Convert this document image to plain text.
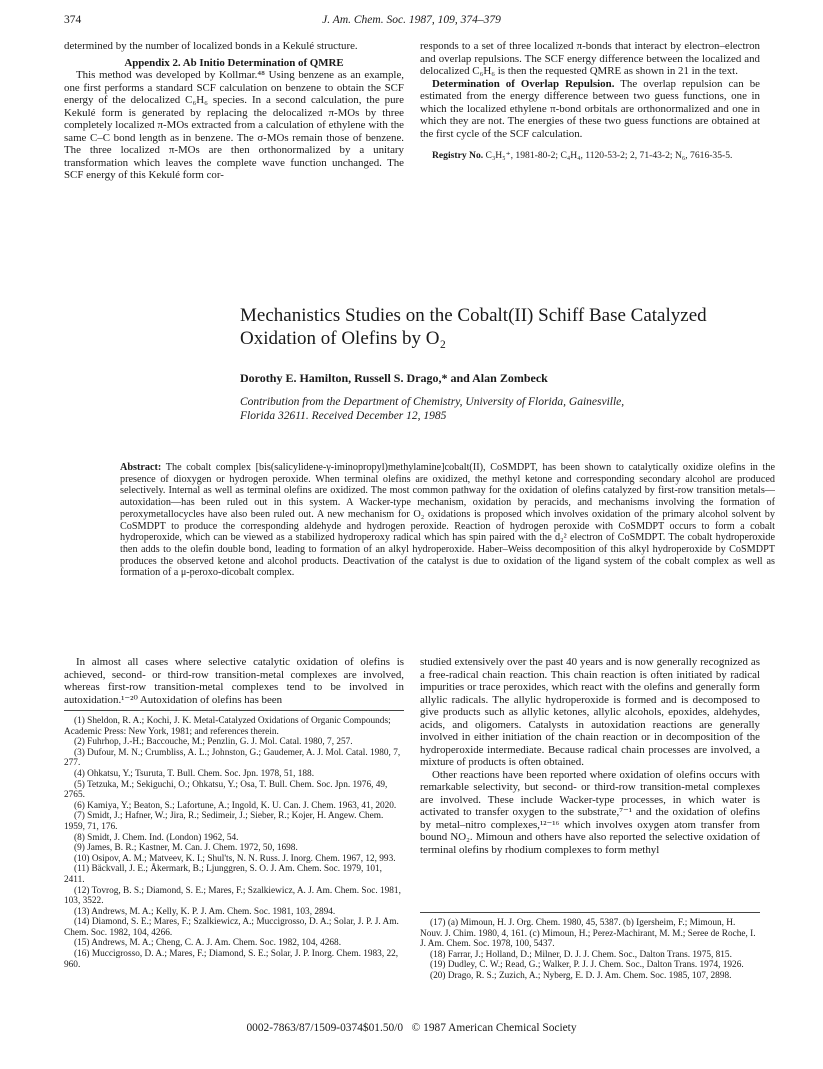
374	J. Am. Chem. Soc. 1987, 109, 374–379

determined by the number of localized bonds in a Kekulé structure.

Appendix 2. Ab Initio Determination of QMRE

This method was developed by Kollmar.⁴⁸ Using benzene as an example, one first performs a standard SCF calculation on benzene to obtain the SCF energy of the delocalized C₆H₆ species. In a second calculation, the pure Kekulé form is generated by replacing the delocalized π-MOs by three completely localized π-MOs extracted from a calculation of ethylene with the same C–C bond length as in benzene. The σ-MOs remain those of benzene. The three localized π-MOs are then orthonormalized by a unitary transformation which leaves the complete wave function unchanged. The SCF energy of this Kekulé form cor-

responds to a set of three localized π-bonds that interact by electron–electron and overlap repulsions. The SCF energy difference between the localized and delocalized C₆H₆ is then the requested QMRE as shown in 21 in the text.

Determination of Overlap Repulsion. The overlap repulsion can be estimated from the energy difference between two guess functions, one in which the localized ethylene π-bond orbitals are orthonormalized and one in which they are not. The energies of these two guess functions are obtained at the first cycle of the SCF calculation.

Registry No. C₃H₅⁺, 1981-80-2; C₄H₄, 1120-53-2; 2, 71-43-2; N₆, 7616-35-5.

Mechanistics Studies on the Cobalt(II) Schiff Base Catalyzed
Oxidation of Olefins by O₂
Dorothy E. Hamilton, Russell S. Drago,* and Alan Zombeck
Contribution from the Department of Chemistry, University of Florida, Gainesville,
Florida 32611. Received December 12, 1985
Abstract: The cobalt complex [bis(salicylidene-γ-iminopropyl)methylamine]cobalt(II), CoSMDPT, has been shown to catalytically oxidize olefins in the presence of dioxygen or hydrogen peroxide. When terminal olefins are oxidized, the methyl ketone and corresponding secondary alcohol are produced selectively. Internal as well as terminal olefins are oxidized. The most common pathway for the oxidation of olefins catalyzed by first-row transition metals—autoxidation—has been ruled out in this system. A Wacker-type mechanism, oxidation by peracids, and mechanisms involving the formation of peroxymetallocycles have also been ruled out. A new mechanism for O₂ oxidations is proposed which involves oxidation of the primary alcohol solvent by CoSMDPT to produce the corresponding aldehyde and hydrogen peroxide. Reaction of hydrogen peroxide with CoSMDPT occurs to form a cobalt hydroperoxide, which can be viewed as a stabilized hydroperoxy radical which has spin paired with the d₂² electron of CoSMDPT. The cobalt hydroperoxide then adds to the olefin double bond, leading to formation of an alkyl hydroperoxide. Haber–Weiss decomposition of this alkyl hydroperoxide by CoSMDPT produces the observed ketone and alcohol products. Deactivation of the catalyst is due to oxidation of the ligand system of the cobalt complex as well as formation of a μ-peroxo-dicobalt complex.

In almost all cases where selective catalytic oxidation of olefins is achieved, second- or third-row transition-metal complexes are involved, whereas first-row transition-metal complexes tend to be involved in autoxidation.¹⁻²⁰ Autoxidation of olefins has been

(1) Sheldon, R. A.; Kochi, J. K. Metal-Catalyzed Oxidations of Organic Compounds; Academic Press: New York, 1981; and references therein.
(2) Fuhrhop, J.-H.; Baccouche, M.; Penzlin, G. J. Mol. Catal. 1980, 7, 257.
(3) Dufour, M. N.; Crumbliss, A. L.; Johnston, G.; Gaudemer, A. J. Mol. Catal. 1980, 7, 277.
(4) Ohkatsu, Y.; Tsuruta, T. Bull. Chem. Soc. Jpn. 1978, 51, 188.
(5) Tetzuka, M.; Sekiguchi, O.; Ohkatsu, Y.; Osa, T. Bull. Chem. Soc. Jpn. 1976, 49, 2765.
(6) Kamiya, Y.; Beaton, S.; Lafortune, A.; Ingold, K. U. Can. J. Chem. 1963, 41, 2020.
(7) Smidt, J.; Hafner, W.; Jira, R.; Sedimeir, J.; Sieber, R.; Kojer, H. Angew. Chem. 1959, 71, 176.
(8) Smidt, J. Chem. Ind. (London) 1962, 54.
(9) James, B. R.; Kastner, M. Can. J. Chem. 1972, 50, 1698.
(10) Osipov, A. M.; Matveev, K. I.; Shul'ts, N. N. Russ. J. Inorg. Chem. 1967, 12, 993.
(11) Bäckvall, J. E.; Åkermark, B.; Ljunggren, S. O. J. Am. Chem. Soc. 1979, 101, 2411.
(12) Tovrog, B. S.; Diamond, S. E.; Mares, F.; Szalkiewicz, A. J. Am. Chem. Soc. 1981, 103, 3522.
(13) Andrews, M. A.; Kelly, K. P. J. Am. Chem. Soc. 1981, 103, 2894.
(14) Diamond, S. E.; Mares, F.; Szalkiewicz, A.; Muccigrosso, D. A.; Solar, J. P. J. Am. Chem. Soc. 1982, 104, 4266.
(15) Andrews, M. A.; Cheng, C. A. J. Am. Chem. Soc. 1982, 104, 4268.
(16) Muccigrosso, D. A.; Mares, F.; Diamond, S. E.; Solar, J. P. Inorg. Chem. 1983, 22, 960.

studied extensively over the past 40 years and is now generally recognized as a free-radical chain reaction. This chain reaction is often initiated by radical impurities or trace peroxides, which react with the olefins and generally form allylic radicals. The allylic hydroperoxide is formed and is decomposed to give products such as allylic ketones, allylic alcohols, epoxides, aldehydes, acids, and oligomers. Catalysts in autoxidation reactions are generally involved in either initiation of the chain reaction or in decomposition of the hydroperoxide intermediate. Because radical chain processes are involved, a mixture of products is often obtained.

Other reactions have been reported where oxidation of olefins occurs with remarkable selectivity, but second- or third-row transition-metal complexes are involved. These include Wacker-type processes, in which water is activated to transfer oxygen to the substrate,⁷⁻¹ and the oxidation of olefins by metal–nitro complexes,¹²⁻¹⁶ which involves oxygen atom transfer from bound NO₂. Mimoun and others have also reported the selective oxidation of terminal olefins by rhodium complexes to form methyl

(17) (a) Mimoun, H. J. Org. Chem. 1980, 45, 5387. (b) Igersheim, F.; Mimoun, H. Nouv. J. Chim. 1980, 4, 161. (c) Mimoun, H.; Perez-Machirant, M. M.; Seree de Roche, I. J. Am. Chem. Soc. 1978, 100, 5437.
(18) Farrar, J.; Holland, D.; Milner, D. J. J. Chem. Soc., Dalton Trans. 1975, 815.
(19) Dudley, C. W.; Read, G.; Walker, P. J. J. Chem. Soc., Dalton Trans. 1974, 1926.
(20) Drago, R. S.; Zuzich, A.; Nyberg, E. D. J. Am. Chem. Soc. 1985, 107, 2898.
0002-7863/87/1509-0374$01.50/0 © 1987 American Chemical Society
